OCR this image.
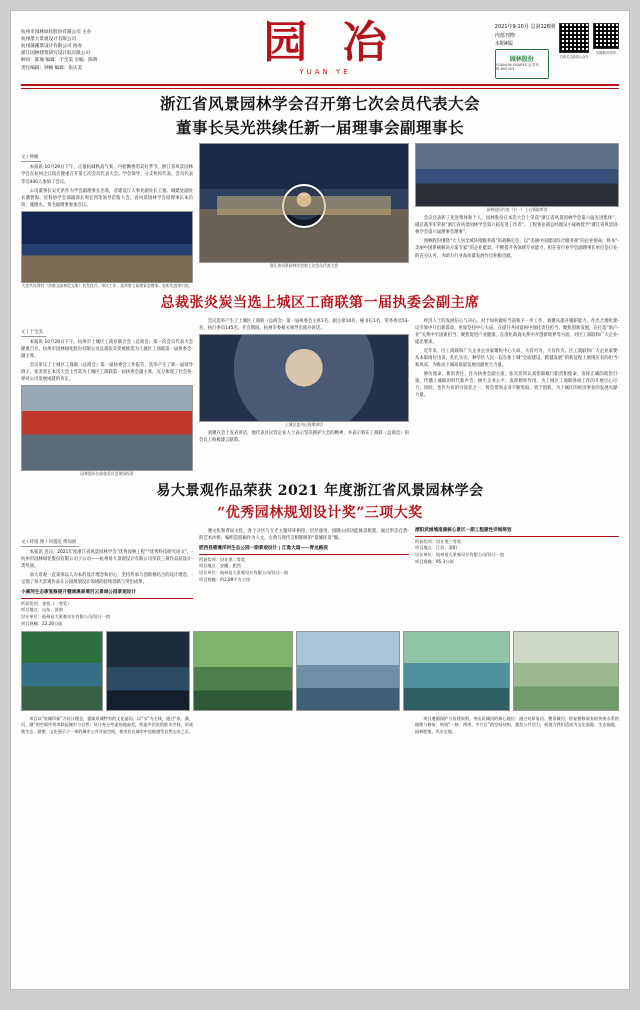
杭州市园林绿化股份有限公司 主办
杭州墨大景观设计有限公司
杭州蒲溪景设计有限公司 协办
浙江园林建筑研究设计院有限公司
顾问：陈瑜 编辑：于全美 实编：陈明
责任编辑：钟楠 编辑：张庆美
园 冶
YUAN YE
2021年9-10月 总第128期
内部刊物
本期4版
园林股份
YUANLIN SHARES 证券代码:605303
扫码关注微信公众号
园林股份官网
浙江省风景园林学会召开第七次会员代表大会
董事长吴光洪续任新一届理事会副理事长
文 / 钟楠

本报讯 10月29日下午，正值杭城秋高气爽、丹桂飘香的美好季节，浙江省风景园林学会在杭州之江饭店隆重召开第七次会员代表大会。学会领导、分支机构代表、会员代表等近400人参加了会议。

公司董事长吴光洪作为学会副理事长出席，省建设厅人事处副处长王逸、城建处副处长潘智海、省科协学会部副部长周宏到等领导莅临大会。省风景园林学会原理事长朱钧珍、施德水、黄毛福理事参加会议。

大会共设背有《余森文园林论文集》首发仪式、审议工作、选举第七届理事会理事、表彰先进等内容。
浙江省风景园林学会第七次会员代表大会
园林股份代表（右一）上台领取荣誉

会议还表彰了先进集体和个人，园林股份在本次大会上荣获“浙江省风景园林学会第六届先进集体”，副总裁李军荣获“浙江省风景园林学会第六届先进工作者”。工程事业部总经理吴小成被授予“浙江省风景园林学会第六届理事会理事”。

园林股份围绕“大人居全域环境服务商”的战略定位，以“美丽中国建设综合服务商”的企业使命，将本“美丽中国系统解决方案专家”的企业愿景，不断提升各领域专业能力，担任省行业学会副理事长单位是行业的充分认可，为助力行业高质量发展作出积极贡献。

总裁张炎炭当选上城区工商联第一届执委会副主席
文 / 于全美

本报讯 10月29日下午，杭州市上城区工商业联合会（总商会）第一次会员代表大会隆重召开。杭州市园林绿化股份有限公司总裁张炎炭被推选为上城区工商联第一届执委会副主席。

会议审议了上城区工商联（总商会）第一届执委会工作报告，选举产生了新一届领导班子。张炎炭在本次大会上当选为上城区工商联第一届执委会副主席，充分体现了社会各界对公司发展成就的肯定。

园林股份位高依美议会现场投票

会议选举产生了上城区工商联（总商会）第一届执委会主席1名、副主席10名、秘书长1名、常务委员53名、执行委员145名。开会期间，杭州市委相关领导出席并讲话。

上城区委书记同期讲话

刘聚在会上发表讲话，他代表区民营企业人士表示坚决拥护大会的精神，并表示将在工商联（总商会）的会议上积极建言献策。

经济人士的发展信心与决心。对于如何做好当前和下一步工作，刘聚从提升履职能力、作出合理化建议引领中开出新篇章、更加坚持中心大局，在提升共同富裕中强化责任担当、聚焦创新发展，在打造“新产业”关系中牢固新担当、聚焦促进产业健康、在清化政商关系中开创新境界等方面，对区工商联和广大企业提出要求。

近年来，区工商联和广大企业企业家聚焦中心大局、大有可为，大有作为。区工商联和广大企业家要从本职岗位出发，扎扎实实，种华区人民一起在新上城“全面建设、跨越发展”的新征程上展现应有的担当和风采，为推动上城高质量发展贡献更大力量。

胁历使命、新的责任、作为执委会副主席，张炎炭将认真担职履行职责和使命，发挥正确的政治引领，传播上城联的时代新声音，树牢企业公平、发挥榜样作用，为上城区工商联各项工作的开展尽心尽力，同时，也作为业的引领者之一，将会带领企业不断进取，勇于创新，为上城区的经济事业的发展贡献力量。

易大景观作品荣获 2021 年度浙江省风景园林学会
“优秀园林规划设计奖”三项大奖
文 / 纤柏 图 / 何越连 傅加展

本报讯 近日，2021年度浙江省风景园林学会“优秀园林工程”“优秀科技研究论文”、杭州市园林绿化股份有限公司子公司——杭州易大景观设计有限公司荣获三项作品获设计类奖项。

易大景观一直秉承以人为本的设计理念和初心，坚持传承与创新相结合的设计理念，呈现了每大景观作品在公园规划设计领域的持续创新与突出成果。

遵文化和背局文化，各个分区与互光主题环环相扣，层层递进，园隆公园功能修景框架，通过形态自然的艺术沙桥、编织造游廊作为人文，古典与现代交相辉映的“景城环景”圈。

肥西县碧滩洋河生态公园一期景观设计 | 江淮大道——青龙路段
所获奖项：设计类二等奖
项目地点：安徽、肥西
设计单位：杭州易大景观设计有限公司/设计一院
项目规模：约2.89平方公里
溧阳武城埔南湖核心景区一期工程建性详细规划
所获奖项：设计类三等奖
项目地点：江苏、溧阳
设计单位：杭州易大景观设计有限公司/设计一院
项目规模：95.3公顷
小溪河生态康复修提升暨城溪泰境百云景城公园景观设计
所获奖项：金奖（一等奖）
项目地点：山东、济南
设计单位：杭州易大景观设计有限公司/设计一院
项目规模：22.26公顷

项目以“泉城印象”为设计理念，提取泉城特有的文化基因，以“水”为主线，通过“泉、溪、河、湖”的空间序列串联起城市与自然；设计充分考虑场地高差，营造多层次的滨水空间，形成集生态、游憩、文化展示于一体的城市公共开放空间，使市民在城市中也能感受自然山水之乐。

项目遵循保护与治理原则，突出武城河的核心地位；通过对原复河、整条城河，恢复整修原有的传统水系的梳理与修复，构筑“一核、两带、多片区”的空间结构，激发公共活力，展现为我们适成为文化高地、生态福地、园林胜地、风水宝地。
